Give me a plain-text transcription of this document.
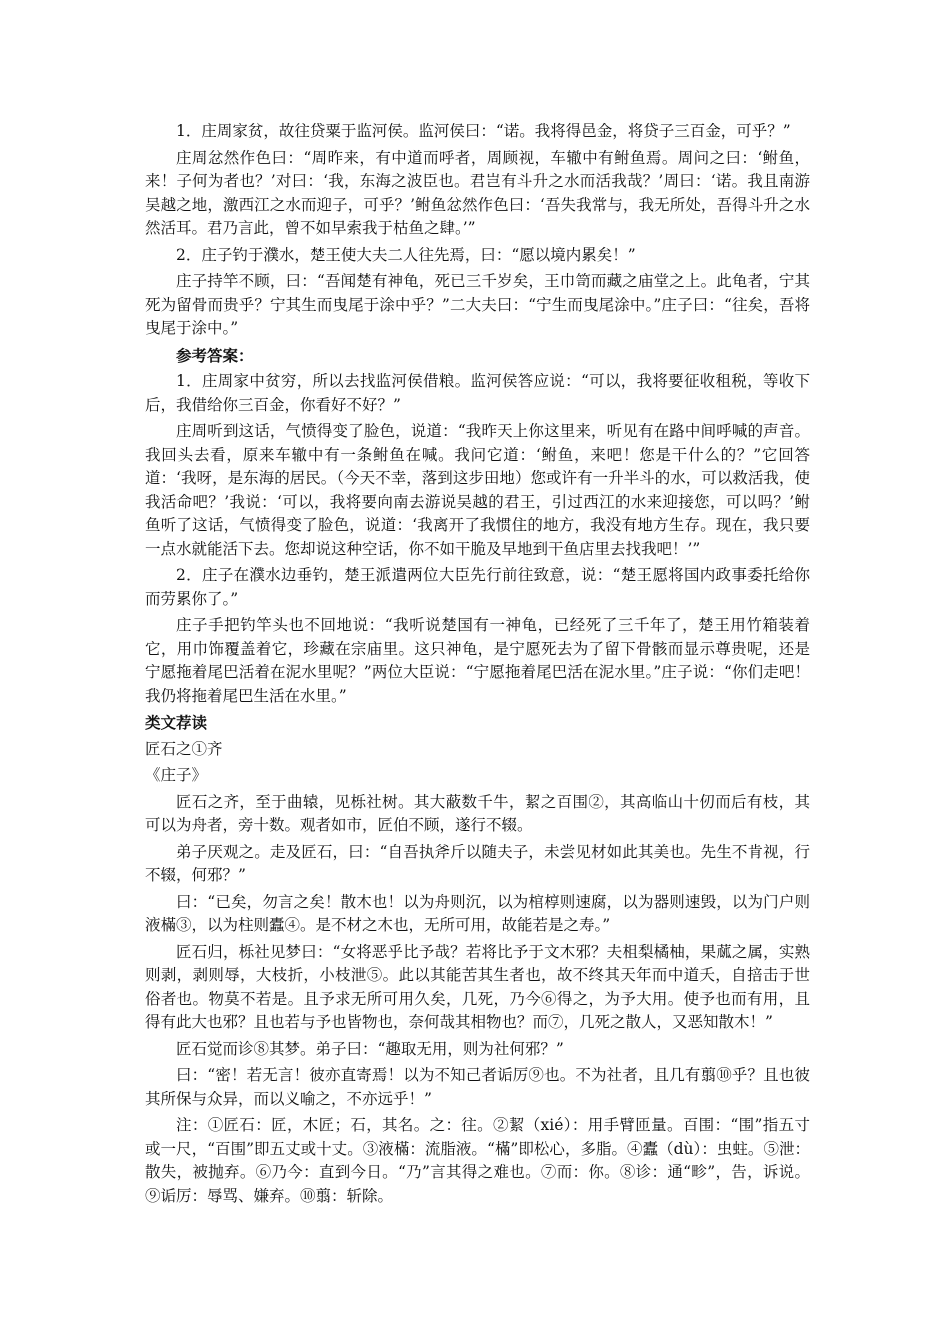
1．庄周家贫，故往贷粟于监河侯。监河侯曰：“诺。我将得邑金，将贷子三百金，可乎？”

庄周忿然作色曰：“周昨来，有中道而呼者，周顾视，车辙中有鲋鱼焉。周问之曰：‘鲋鱼，来！子何为者也？’对曰：‘我，东海之波臣也。君岂有斗升之水而活我哉？’周曰：‘诺。我且南游吴越之地，激西江之水而迎子，可乎？’鲋鱼忿然作色曰：‘吾失我常与，我无所处，吾得斗升之水然活耳。君乃言此，曾不如早索我于枯鱼之肆。’”

2．庄子钓于濮水，楚王使大夫二人往先焉，曰：“愿以境内累矣！”

庄子持竿不顾，曰：“吾闻楚有神龟，死已三千岁矣，王巾笥而藏之庙堂之上。此龟者，宁其死为留骨而贵乎？宁其生而曳尾于涂中乎？”二大夫曰：“宁生而曳尾涂中。”庄子曰：“往矣，吾将曳尾于涂中。”

参考答案：

1．庄周家中贫穷，所以去找监河侯借粮。监河侯答应说：“可以，我将要征收租税，等收下后，我借给你三百金，你看好不好？”

庄周听到这话，气愤得变了脸色，说道：“我昨天上你这里来，听见有在路中间呼喊的声音。我回头去看，原来车辙中有一条鲋鱼在喊。我问它道：‘鲋鱼，来吧！您是干什么的？”它回答道：‘我呀，是东海的居民。（今天不幸，落到这步田地）您或许有一升半斗的水，可以救活我，使我活命吧？’我说：‘可以，我将要向南去游说吴越的君王，引过西江的水来迎接您，可以吗？’鲋鱼听了这话，气愤得变了脸色，说道：‘我离开了我惯住的地方，我没有地方生存。现在，我只要一点水就能活下去。您却说这种空话，你不如干脆及早地到干鱼店里去找我吧！’”

2．庄子在濮水边垂钓，楚王派遣两位大臣先行前往致意，说：“楚王愿将国内政事委托给你而劳累你了。”

庄子手把钓竿头也不回地说：“我听说楚国有一神龟，已经死了三千年了，楚王用竹箱装着它，用巾饰覆盖着它，珍藏在宗庙里。这只神龟，是宁愿死去为了留下骨骸而显示尊贵呢，还是宁愿拖着尾巴活着在泥水里呢？”两位大臣说：“宁愿拖着尾巴活在泥水里。”庄子说：“你们走吧！我仍将拖着尾巴生活在水里。”

类文荐读

匠石之①齐

《庄子》

匠石之齐，至于曲辕，见栎社树。其大蔽数千牛，絜之百围②，其高临山十仞而后有枝，其可以为舟者，旁十数。观者如市，匠伯不顾，遂行不辍。

弟子厌观之。走及匠石，曰：“自吾执斧斤以随夫子，未尝见材如此其美也。先生不肯视，行不辍，何邪？”

曰：“已矣，勿言之矣！散木也！以为舟则沉，以为棺椁则速腐，以为器则速毁，以为门户则液樠③，以为柱则蠹④。是不材之木也，无所可用，故能若是之寿。”

匠石归，栎社见梦曰：“女将恶乎比予哉？若将比予于文木邪？夫柤梨橘柚，果蓏之属，实熟则剥，剥则辱，大枝折，小枝泄⑤。此以其能苦其生者也，故不终其天年而中道夭，自掊击于世俗者也。物莫不若是。且予求无所可用久矣，几死，乃今⑥得之，为予大用。使予也而有用，且得有此大也邪？且也若与予也皆物也，奈何哉其相物也？而⑦，几死之散人，又恶知散木！”

匠石觉而诊⑧其梦。弟子曰：“趣取无用，则为社何邪？”

曰：“密！若无言！彼亦直寄焉！以为不知己者诟厉⑨也。不为社者，且几有翦⑩乎？且也彼其所保与众异，而以义喻之，不亦远乎！”

注：①匠石：匠，木匠；石，其名。之：往。②絜（xié）：用手臂匝量。百围：“围”指五寸或一尺，“百围”即五丈或十丈。③液樠：流脂液。“樠”即松心，多脂。④蠹（dù）：虫蛀。⑤泄：散失，被抛弃。⑥乃今：直到今日。“乃”言其得之难也。⑦而：你。⑧诊：通“畛”，告，诉说。⑨诟厉：辱骂、嫌弃。⑩翦：斩除。
